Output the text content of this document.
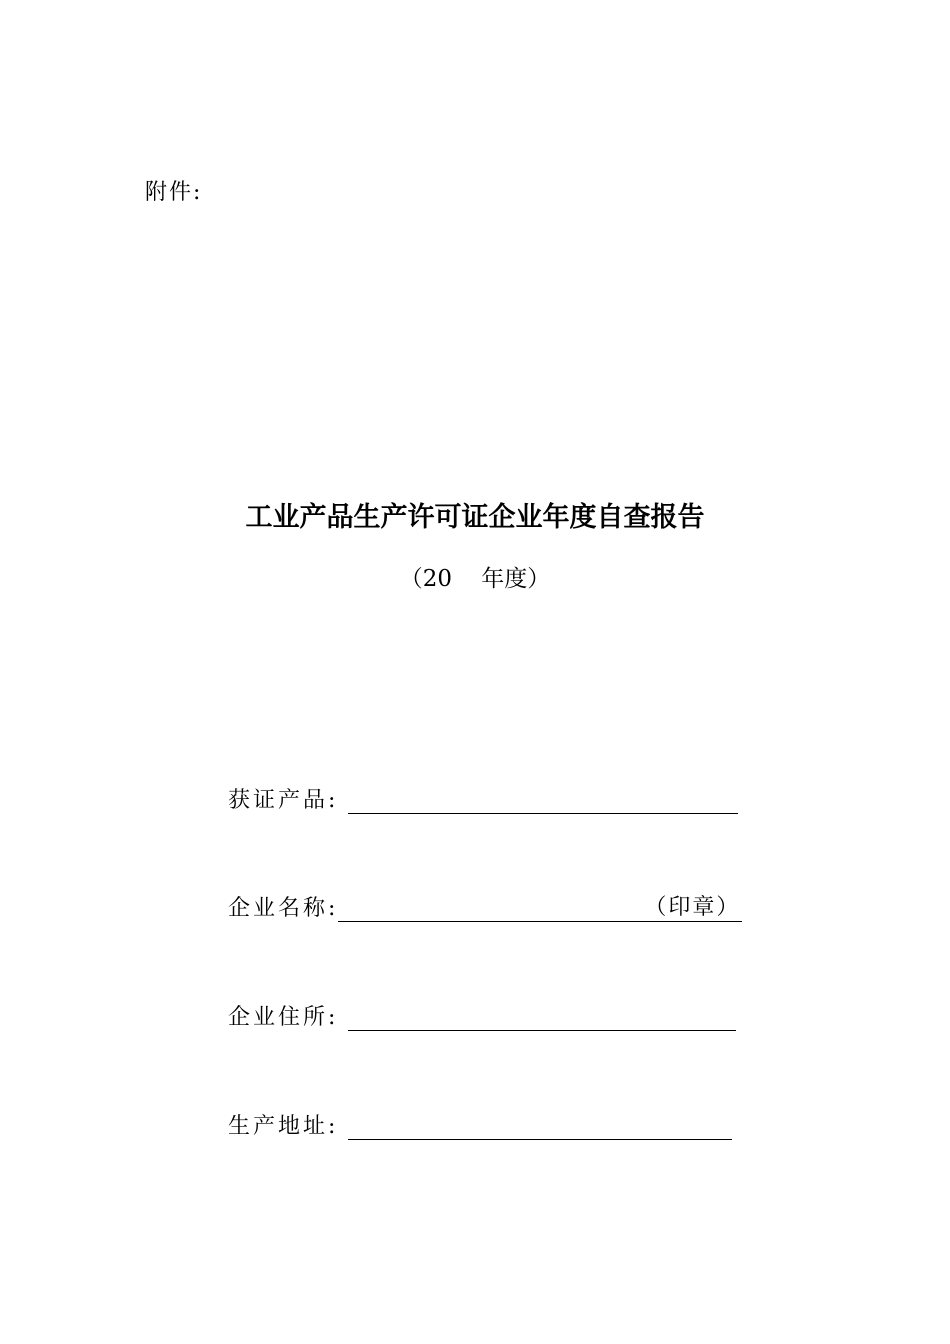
附件:
工业产品生产许可证企业年度自查报告
（20    年度）
获证产品:
企业名称:	（印章）
企业住所:
生产地址:
